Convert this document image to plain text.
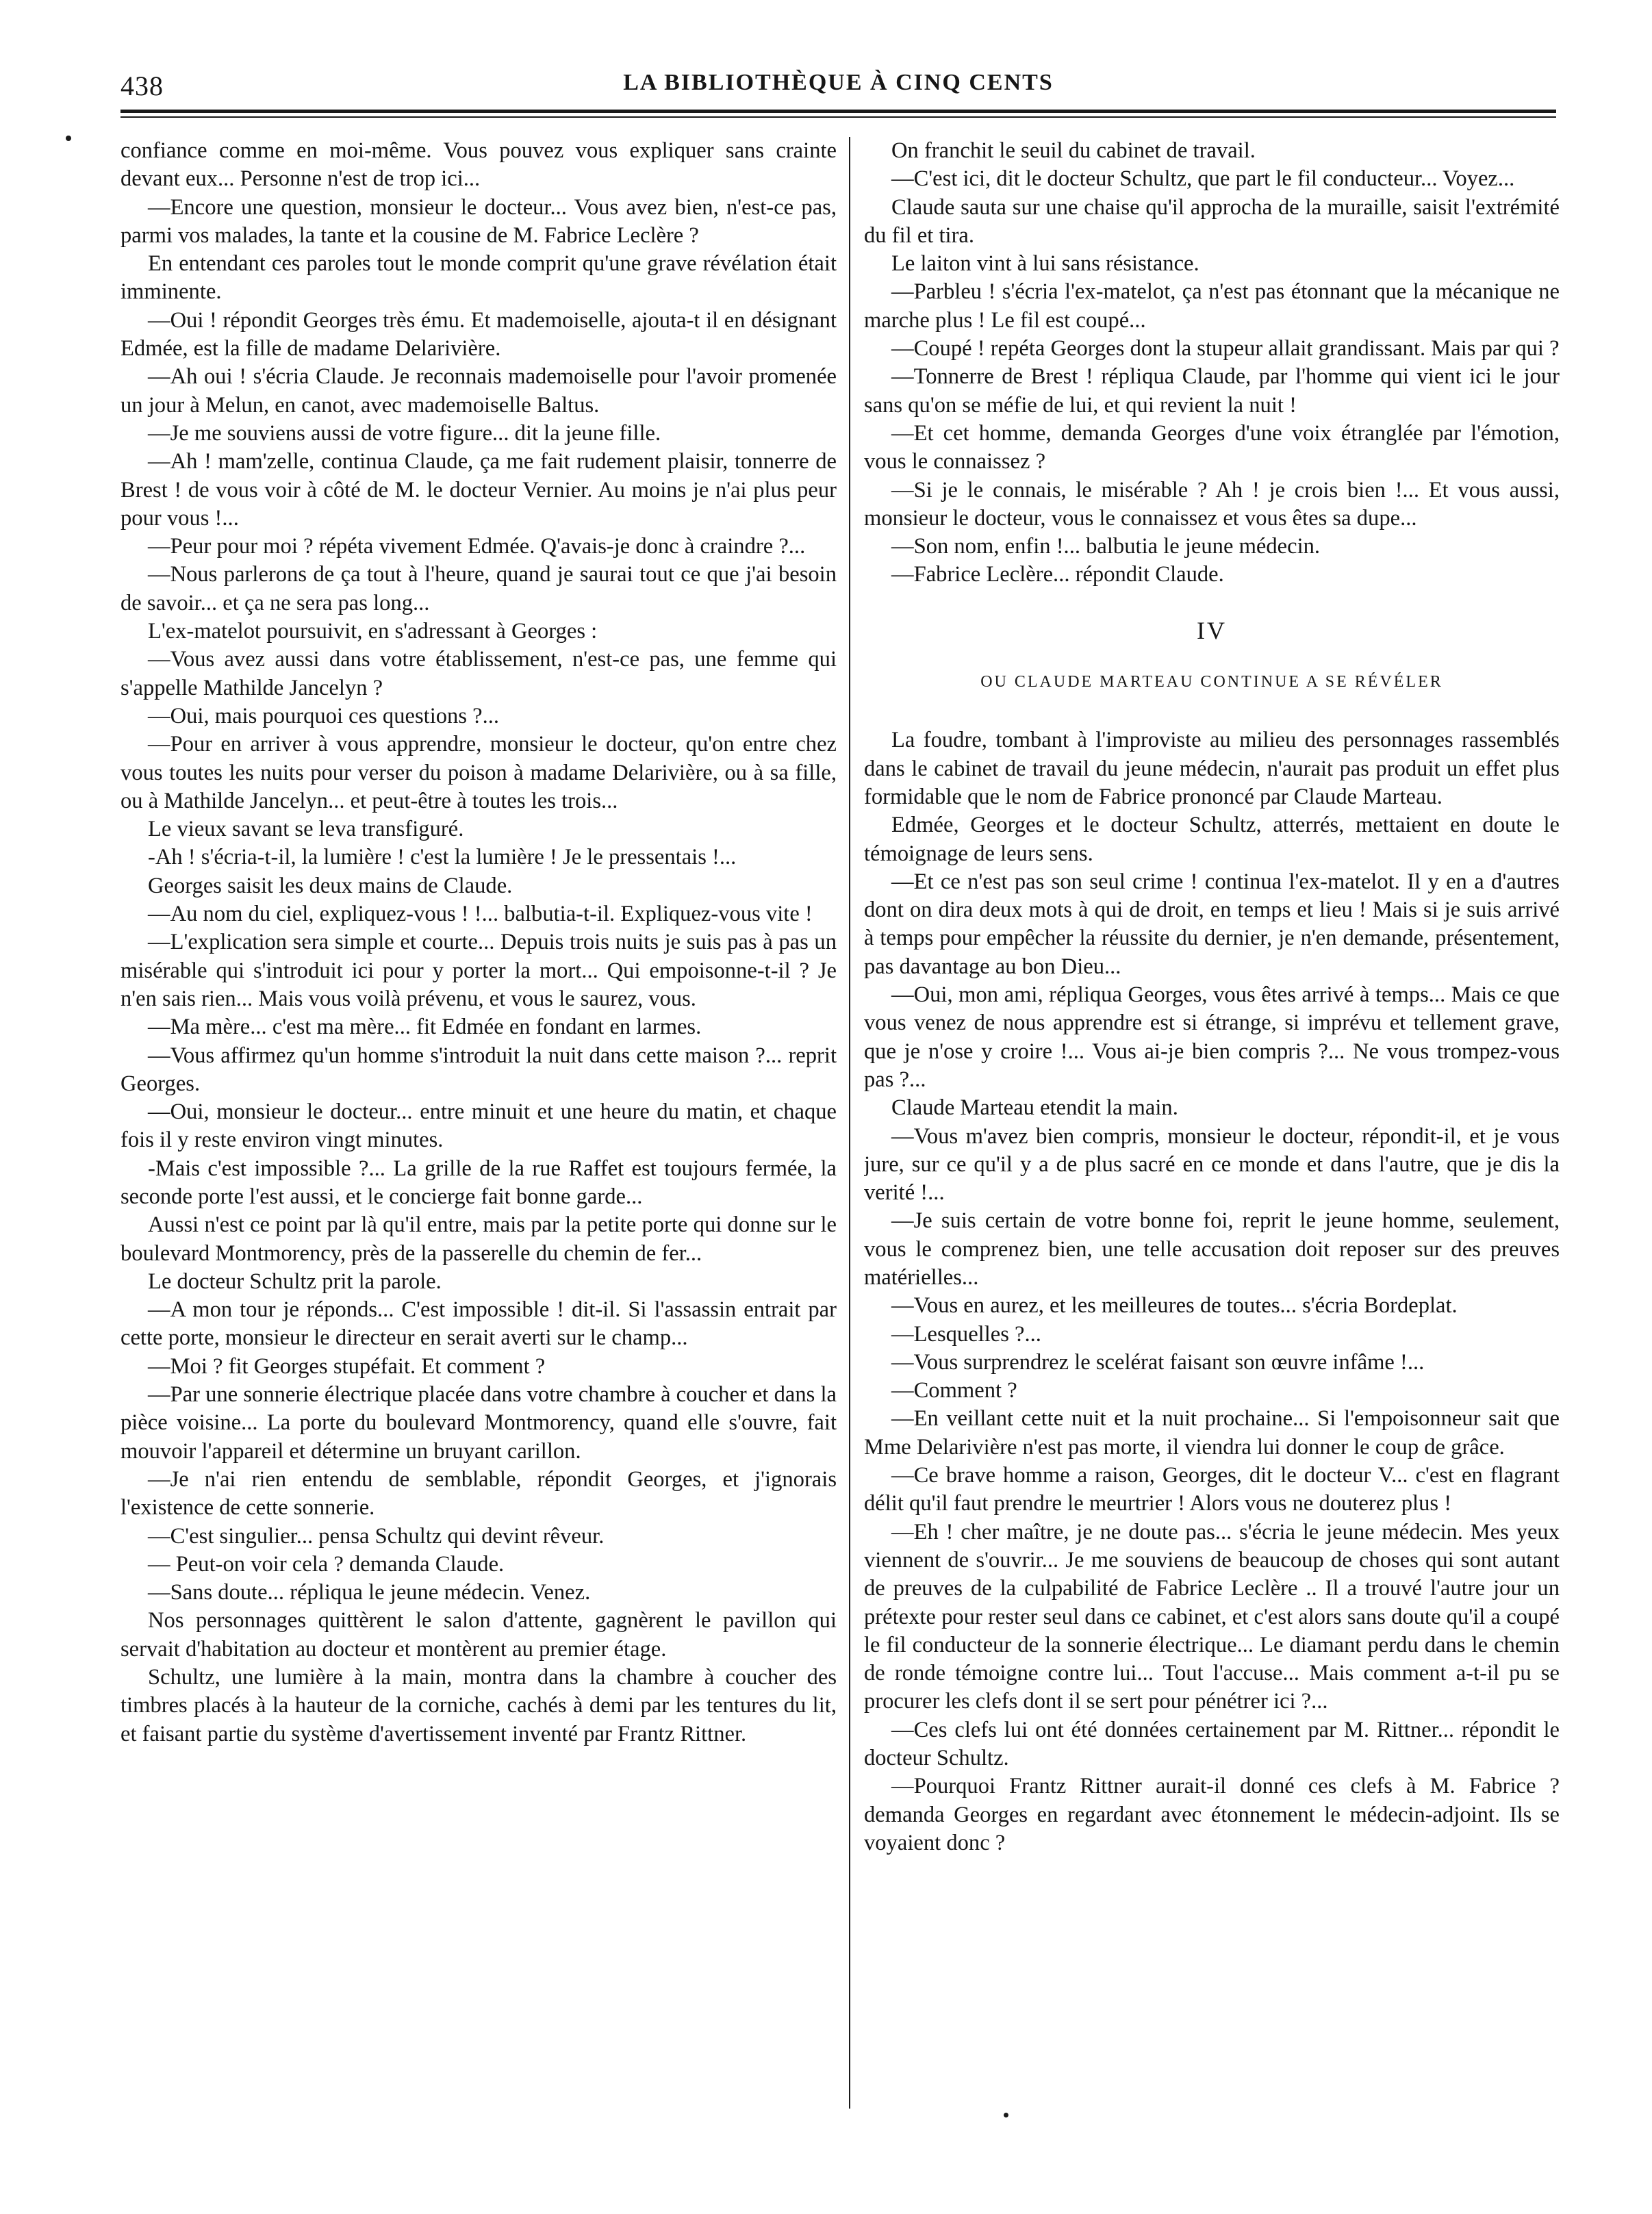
438	LA BIBLIOTHÈQUE À CINQ CENTS

confiance comme en moi-même. Vous pouvez vous expliquer sans crainte devant eux... Personne n'est de trop ici...

—Encore une question, monsieur le docteur... Vous avez bien, n'est-ce pas, parmi vos malades, la tante et la cousine de M. Fabrice Leclère ?

En entendant ces paroles tout le monde comprit qu'une grave révélation était imminente.

—Oui ! répondit Georges très ému. Et mademoiselle, ajouta-t il en désignant Edmée, est la fille de madame Delarivière.

—Ah oui ! s'écria Claude. Je reconnais mademoiselle pour l'avoir promenée un jour à Melun, en canot, avec mademoiselle Baltus.

—Je me souviens aussi de votre figure... dit la jeune fille.

—Ah ! mam'zelle, continua Claude, ça me fait rudement plaisir, tonnerre de Brest ! de vous voir à côté de M. le docteur Vernier. Au moins je n'ai plus peur pour vous !...

—Peur pour moi ? répéta vivement Edmée. Q'avais-je donc à craindre ?...

—Nous parlerons de ça tout à l'heure, quand je saurai tout ce que j'ai besoin de savoir... et ça ne sera pas long...

L'ex-matelot poursuivit, en s'adressant à Georges :

—Vous avez aussi dans votre établissement, n'est-ce pas, une femme qui s'appelle Mathilde Jancelyn ?

—Oui, mais pourquoi ces questions ?...

—Pour en arriver à vous apprendre, monsieur le docteur, qu'on entre chez vous toutes les nuits pour verser du poison à madame Delarivière, ou à sa fille, ou à Mathilde Jancelyn... et peut-être à toutes les trois...

Le vieux savant se leva transfiguré.

-Ah ! s'écria-t-il, la lumière ! c'est la lumière ! Je le pressentais !...

Georges saisit les deux mains de Claude.

—Au nom du ciel, expliquez-vous ! !... balbutia-t-il. Expliquez-vous vite !

—L'explication sera simple et courte... Depuis trois nuits je suis pas à pas un misérable qui s'introduit ici pour y porter la mort... Qui empoisonne-t-il ? Je n'en sais rien... Mais vous voilà prévenu, et vous le saurez, vous.

—Ma mère... c'est ma mère... fit Edmée en fondant en larmes.

—Vous affirmez qu'un homme s'introduit la nuit dans cette maison ?... reprit Georges.

—Oui, monsieur le docteur... entre minuit et une heure du matin, et chaque fois il y reste environ vingt minutes.

-Mais c'est impossible ?... La grille de la rue Raffet est toujours fermée, la seconde porte l'est aussi, et le concierge fait bonne garde...

Aussi n'est ce point par là qu'il entre, mais par la petite porte qui donne sur le boulevard Montmorency, près de la passerelle du chemin de fer...

Le docteur Schultz prit la parole.

—A mon tour je réponds... C'est impossible ! dit-il. Si l'assassin entrait par cette porte, monsieur le directeur en serait averti sur le champ...

—Moi ? fit Georges stupéfait. Et comment ?

—Par une sonnerie électrique placée dans votre chambre à coucher et dans la pièce voisine... La porte du boulevard Montmorency, quand elle s'ouvre, fait mouvoir l'appareil et détermine un bruyant carillon.

—Je n'ai rien entendu de semblable, répondit Georges, et j'ignorais l'existence de cette sonnerie.

—C'est singulier... pensa Schultz qui devint rêveur.

— Peut-on voir cela ? demanda Claude.

—Sans doute... répliqua le jeune médecin. Venez.

Nos personnages quittèrent le salon d'attente, gagnèrent le pavillon qui servait d'habitation au docteur et montèrent au premier étage.

Schultz, une lumière à la main, montra dans la chambre à coucher des timbres placés à la hauteur de la corniche, cachés à demi par les tentures du lit, et faisant partie du système d'avertissement inventé par Frantz Rittner.

On franchit le seuil du cabinet de travail.

—C'est ici, dit le docteur Schultz, que part le fil conducteur... Voyez...

Claude sauta sur une chaise qu'il approcha de la muraille, saisit l'extrémité du fil et tira.

Le laiton vint à lui sans résistance.

—Parbleu ! s'écria l'ex-matelot, ça n'est pas étonnant que la mécanique ne marche plus ! Le fil est coupé...

—Coupé ! repéta Georges dont la stupeur allait grandissant. Mais par qui ?

—Tonnerre de Brest ! répliqua Claude, par l'homme qui vient ici le jour sans qu'on se méfie de lui, et qui revient la nuit !

—Et cet homme, demanda Georges d'une voix étranglée par l'émotion, vous le connaissez ?

—Si je le connais, le misérable ? Ah ! je crois bien !... Et vous aussi, monsieur le docteur, vous le connaissez et vous êtes sa dupe...

—Son nom, enfin !... balbutia le jeune médecin.

—Fabrice Leclère... répondit Claude.

IV
OU CLAUDE MARTEAU CONTINUE A SE RÉVÉLER

La foudre, tombant à l'improviste au milieu des personnages rassemblés dans le cabinet de travail du jeune médecin, n'aurait pas produit un effet plus formidable que le nom de Fabrice prononcé par Claude Marteau.

Edmée, Georges et le docteur Schultz, atterrés, mettaient en doute le témoignage de leurs sens.

—Et ce n'est pas son seul crime ! continua l'ex-matelot. Il y en a d'autres dont on dira deux mots à qui de droit, en temps et lieu ! Mais si je suis arrivé à temps pour empêcher la réussite du dernier, je n'en demande, présentement, pas davantage au bon Dieu...

—Oui, mon ami, répliqua Georges, vous êtes arrivé à temps... Mais ce que vous venez de nous apprendre est si étrange, si imprévu et tellement grave, que je n'ose y croire !... Vous ai-je bien compris ?... Ne vous trompez-vous pas ?...

Claude Marteau etendit la main.

—Vous m'avez bien compris, monsieur le docteur, répondit-il, et je vous jure, sur ce qu'il y a de plus sacré en ce monde et dans l'autre, que je dis la verité !...

—Je suis certain de votre bonne foi, reprit le jeune homme, seulement, vous le comprenez bien, une telle accusation doit reposer sur des preuves matérielles...

—Vous en aurez, et les meilleures de toutes... s'écria Bordeplat.

—Lesquelles ?...

—Vous surprendrez le scelérat faisant son œuvre infâme !...

—Comment ?

—En veillant cette nuit et la nuit prochaine... Si l'empoisonneur sait que Mme Delarivière n'est pas morte, il viendra lui donner le coup de grâce.

—Ce brave homme a raison, Georges, dit le docteur V... c'est en flagrant délit qu'il faut prendre le meurtrier ! Alors vous ne douterez plus !

—Eh ! cher maître, je ne doute pas... s'écria le jeune médecin. Mes yeux viennent de s'ouvrir... Je me souviens de beaucoup de choses qui sont autant de preuves de la culpabilité de Fabrice Leclère .. Il a trouvé l'autre jour un prétexte pour rester seul dans ce cabinet, et c'est alors sans doute qu'il a coupé le fil conducteur de la sonnerie électrique... Le diamant perdu dans le chemin de ronde témoigne contre lui... Tout l'accuse... Mais comment a-t-il pu se procurer les clefs dont il se sert pour pénétrer ici ?...

—Ces clefs lui ont été données certainement par M. Rittner... répondit le docteur Schultz.

—Pourquoi Frantz Rittner aurait-il donné ces clefs à M. Fabrice ? demanda Georges en regardant avec étonnement le médecin-adjoint. Ils se voyaient donc ?
